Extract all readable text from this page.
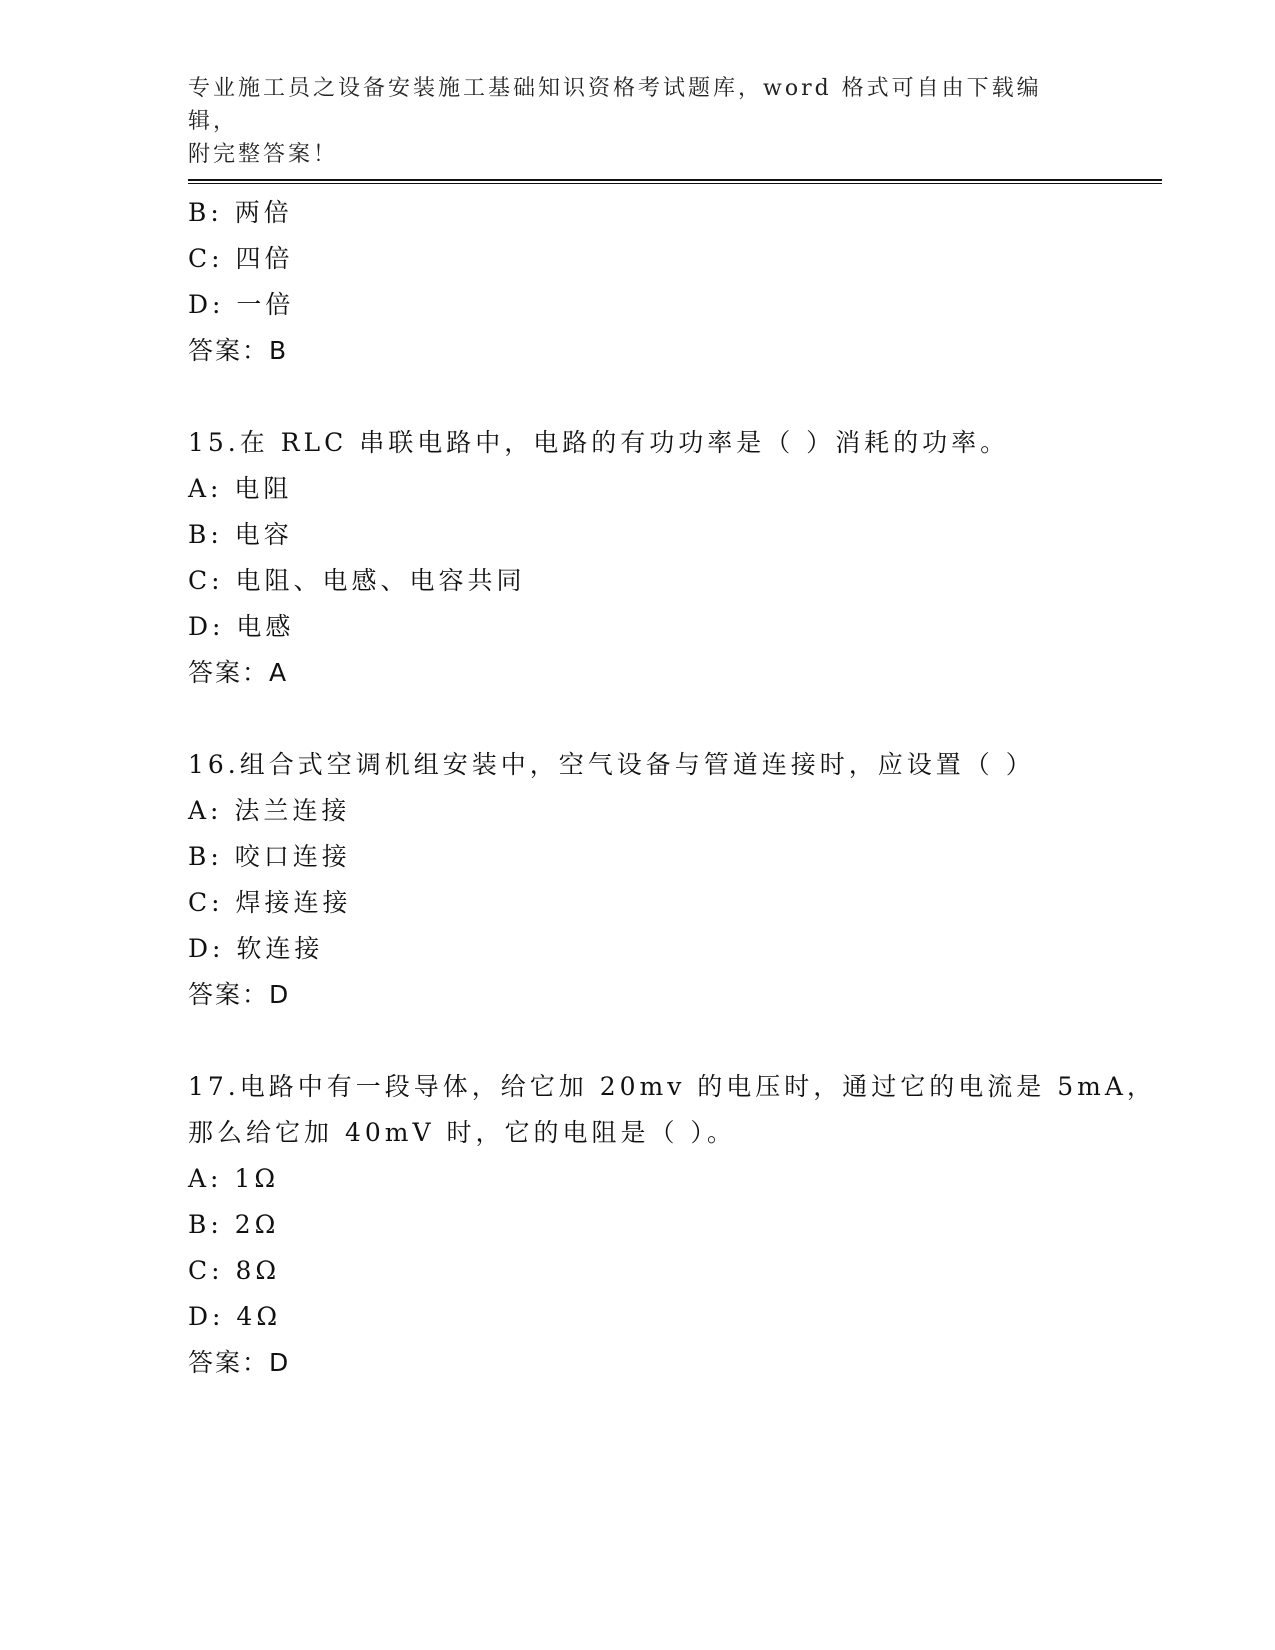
专业施工员之设备安装施工基础知识资格考试题库，word 格式可自由下载编辑，
附完整答案！
B: 两倍
C: 四倍
D: 一倍
答案：B
15.在 RLC 串联电路中，电路的有功功率是（ ）消耗的功率。
A: 电阻
B: 电容
C: 电阻、电感、电容共同
D: 电感
答案：A
16.组合式空调机组安装中，空气设备与管道连接时，应设置（ ）
A: 法兰连接
B: 咬口连接
C: 焊接连接
D: 软连接
答案：D
17.电路中有一段导体，给它加 20mv 的电压时，通过它的电流是 5mA，
那么给它加 40mV 时，它的电阻是（ ）。
A: 1Ω
B: 2Ω
C: 8Ω
D: 4Ω
答案：D
